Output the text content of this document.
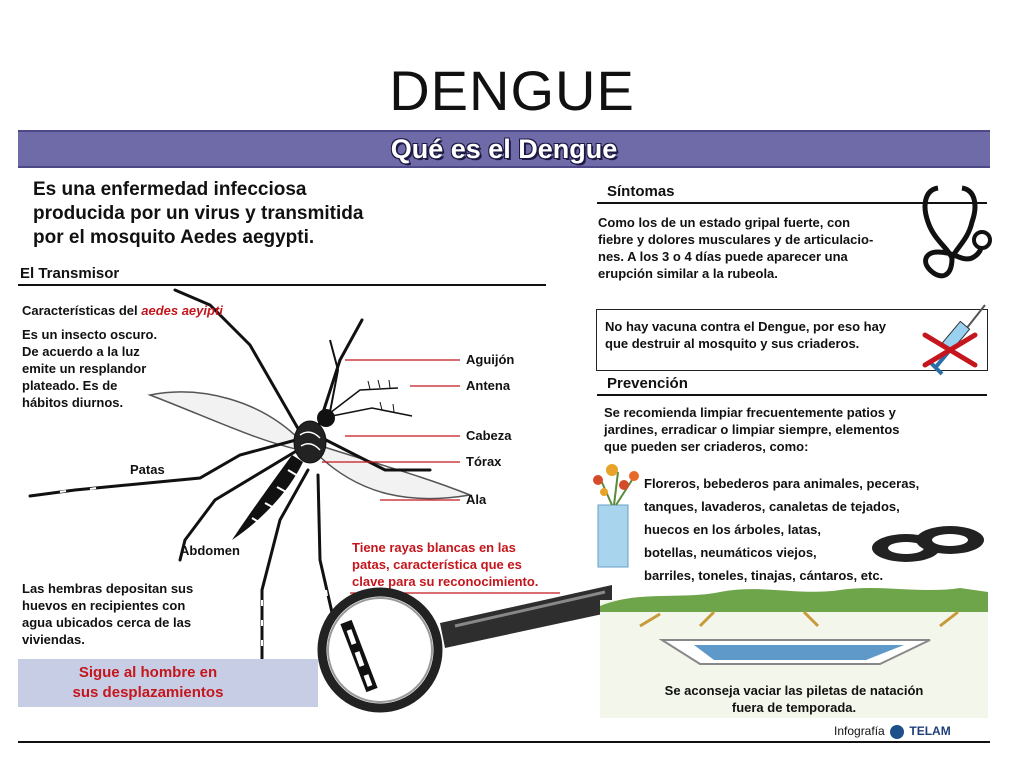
DENGUE
Qué es el Dengue
Es una enfermedad infecciosa
producida por un virus y transmitida
por el mosquito Aedes aegypti.
El Transmisor
Características del aedes aeyipti
Es un insecto oscuro.
De acuerdo a la luz
emite un resplandor
plateado. Es de
hábitos diurnos.
Aguijón
Antena
Cabeza
Tórax
Ala
Patas
Abdomen	Tiene rayas blancas en las
patas, característica que es
clave para su reconocimiento.
Las hembras depositan sus
huevos en recipientes con
agua ubicados cerca de las
viviendas.
Sigue al hombre en
sus desplazamientos
Síntomas
Como los de un estado gripal fuerte, con
fiebre y dolores musculares y de articulacio-
nes. A los 3 o 4 días puede aparecer una
erupción similar a la rubeola.
No hay vacuna contra el Dengue, por eso hay
que destruir al mosquito y sus criaderos.
Prevención
Se recomienda limpiar frecuentemente patios y
jardines, erradicar o limpiar siempre, elementos
que pueden ser criaderos, como:
Floreros, bebederos para animales, peceras,
tanques, lavaderos, canaletas de tejados,
huecos en los árboles, latas,
botellas, neumáticos viejos,
barriles, toneles, tinajas, cántaros, etc.
Se aconseja vaciar las piletas de natación
fuera de temporada.
Infografía TELAM
